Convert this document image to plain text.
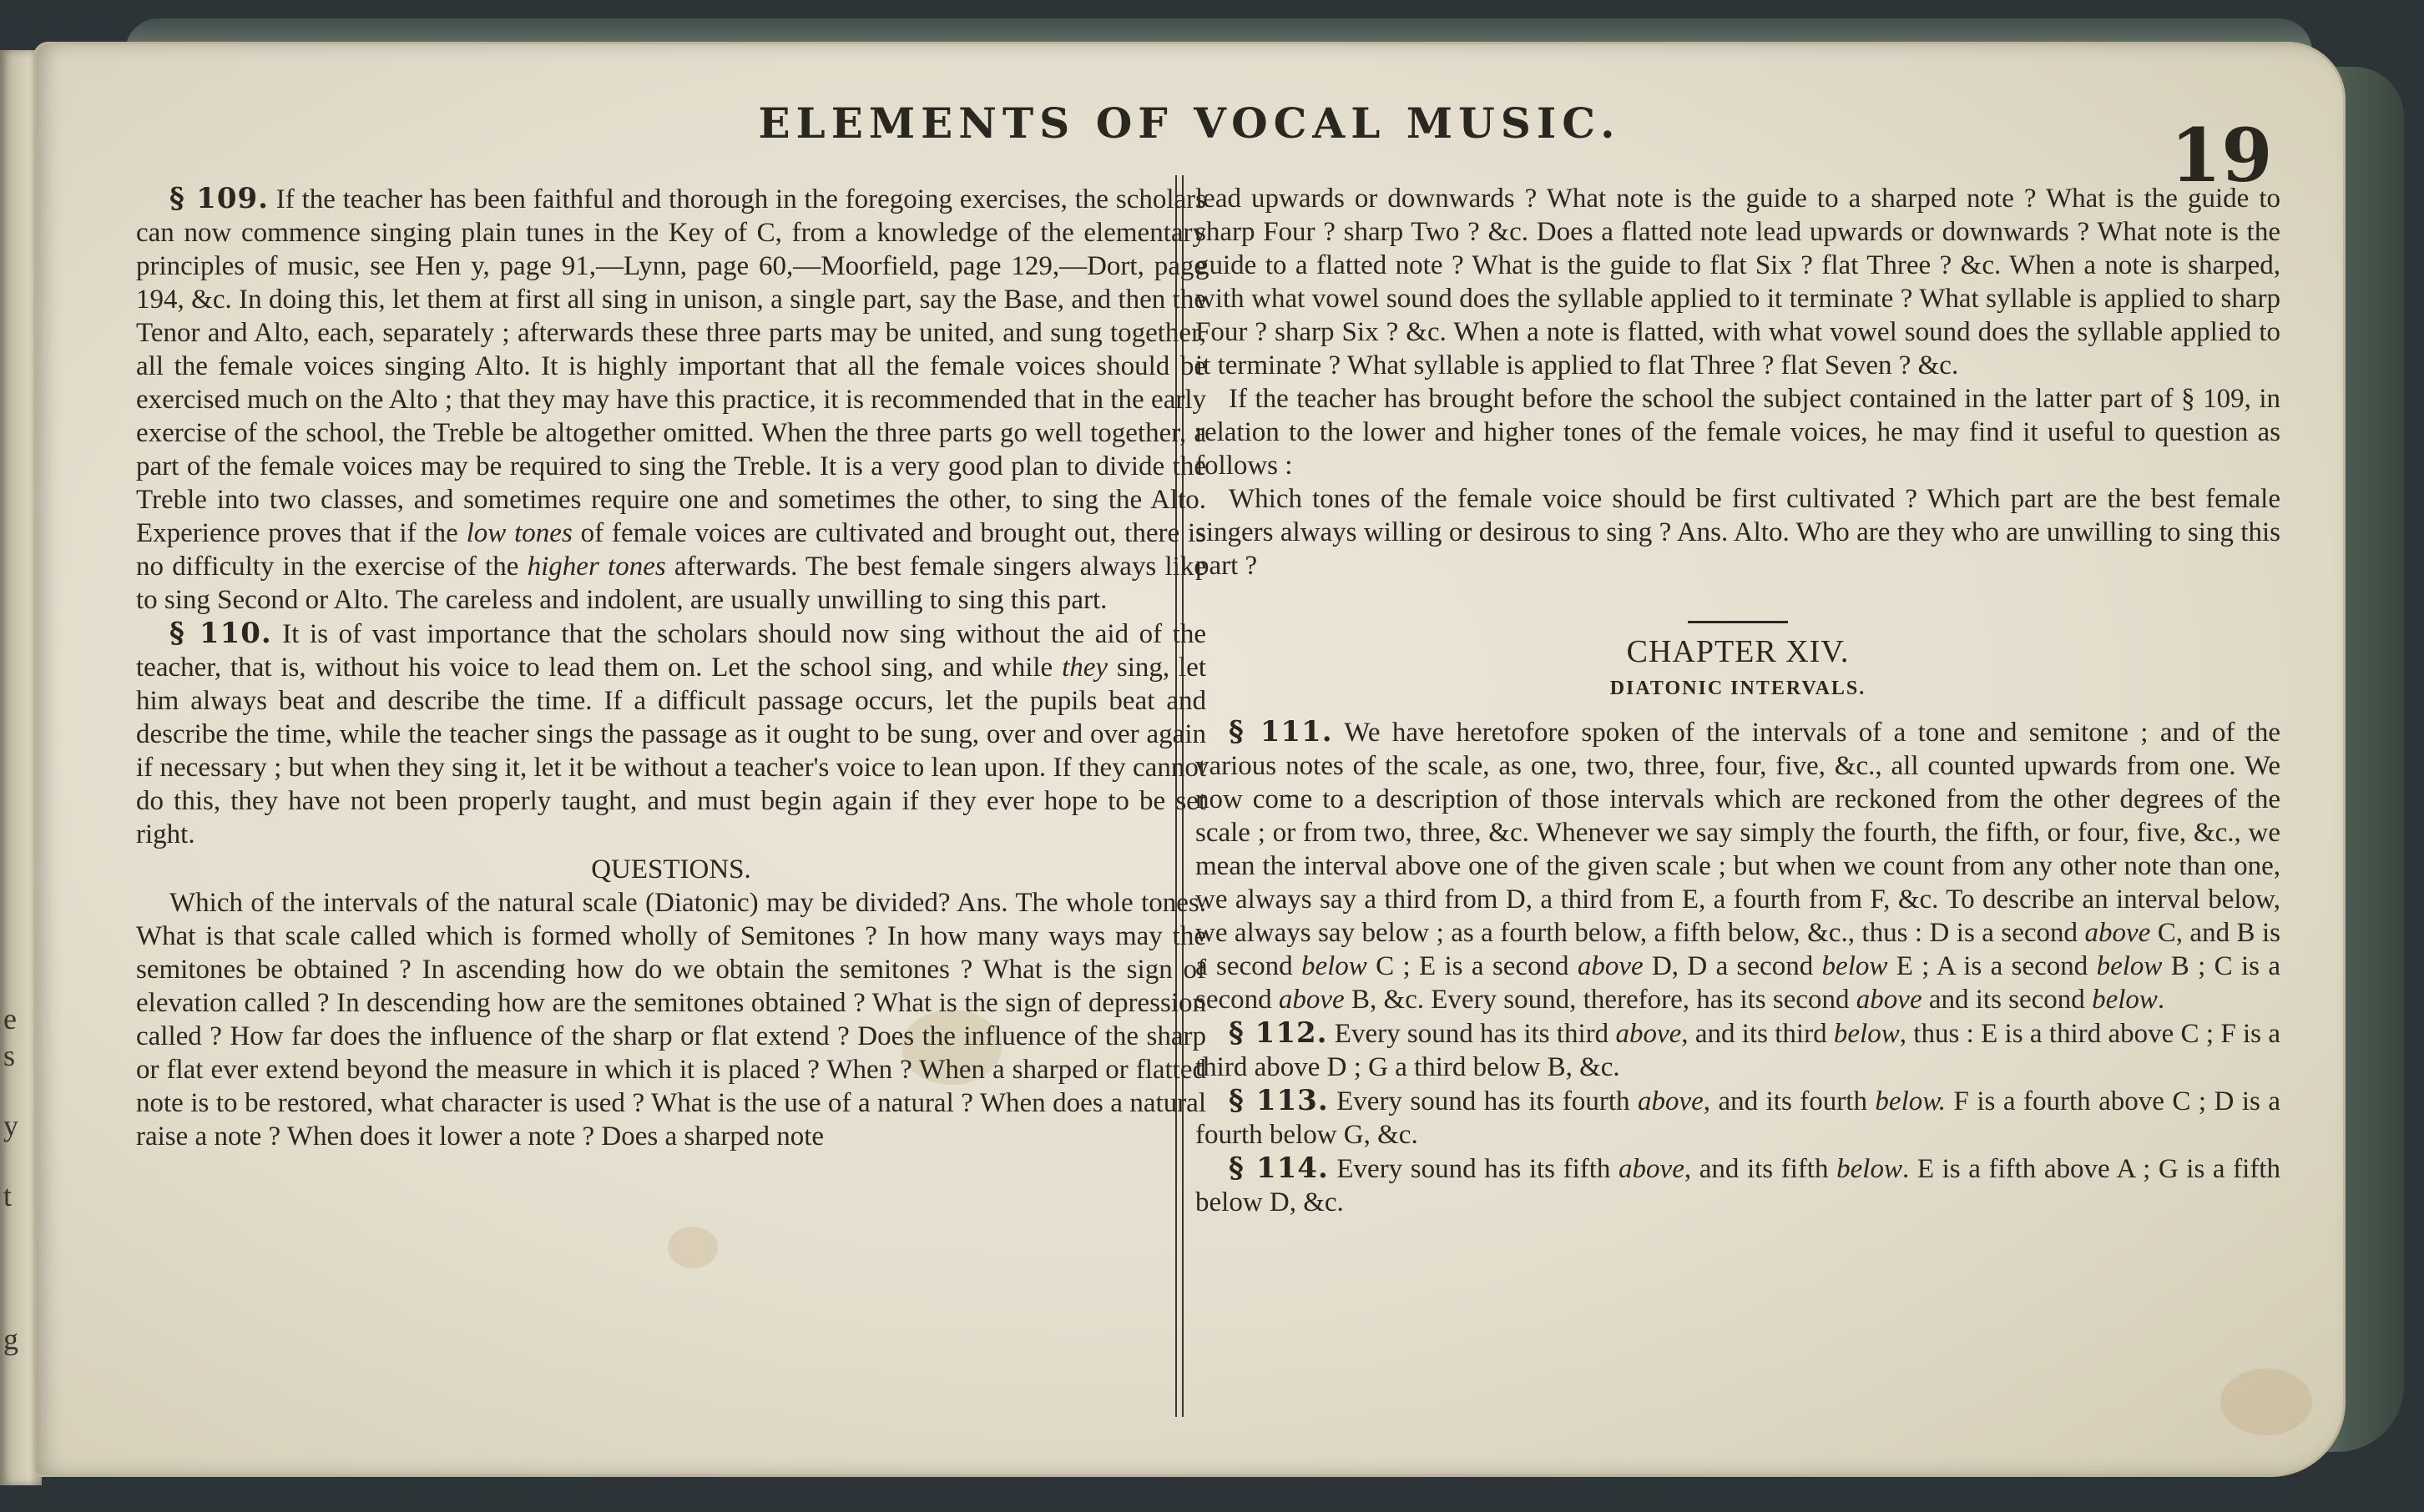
e
s
y
t
g
ELEMENTS OF VOCAL MUSIC.	19

§ 109. If the teacher has been faithful and thorough in the foregoing exercises, the scholars can now commence singing plain tunes in the Key of C, from a knowledge of the elementary principles of music, see Hen y, page 91,—Lynn, page 60,—Moorfield, page 129,—Dort, page 194, &c. In doing this, let them at first all sing in unison, a single part, say the Base, and then the Tenor and Alto, each, separately ; afterwards these three parts may be united, and sung together, all the female voices singing Alto. It is highly important that all the female voices should be exercised much on the Alto ; that they may have this practice, it is recommended that in the early exercise of the school, the Treble be altogether omitted. When the three parts go well together, a part of the female voices may be required to sing the Treble. It is a very good plan to divide the Treble into two classes, and sometimes require one and sometimes the other, to sing the Alto. Experience proves that if the low tones of female voices are cultivated and brought out, there is no difficulty in the exercise of the higher tones afterwards. The best female singers always like to sing Second or Alto. The careless and indolent, are usually unwilling to sing this part.

§ 110. It is of vast importance that the scholars should now sing without the aid of the teacher, that is, without his voice to lead them on. Let the school sing, and while they sing, let him always beat and describe the time. If a difficult passage occurs, let the pupils beat and describe the time, while the teacher sings the passage as it ought to be sung, over and over again if necessary ; but when they sing it, let it be without a teacher's voice to lean upon. If they cannot do this, they have not been properly taught, and must begin again if they ever hope to be set right.

QUESTIONS.

Which of the intervals of the natural scale (Diatonic) may be divided? Ans. The whole tones. What is that scale called which is formed wholly of Semitones ? In how many ways may the semitones be obtained ? In ascending how do we obtain the semitones ? What is the sign of elevation called ? In descending how are the semitones obtained ? What is the sign of depression called ? How far does the influence of the sharp or flat extend ? Does the influence of the sharp or flat ever extend beyond the measure in which it is placed ? When ? When a sharped or flatted note is to be restored, what character is used ? What is the use of a natural ? When does a natural raise a note ? When does it lower a note ? Does a sharped note

lead upwards or downwards ? What note is the guide to a sharped note ? What is the guide to sharp Four ? sharp Two ? &c. Does a flatted note lead upwards or downwards ? What note is the guide to a flatted note ? What is the guide to flat Six ? flat Three ? &c. When a note is sharped, with what vowel sound does the syllable applied to it terminate ? What syllable is applied to sharp Four ? sharp Six ? &c. When a note is flatted, with what vowel sound does the syllable applied to it terminate ? What syllable is applied to flat Three ? flat Seven ? &c.

If the teacher has brought before the school the subject contained in the latter part of § 109, in relation to the lower and higher tones of the female voices, he may find it useful to question as follows :

Which tones of the female voice should be first cultivated ? Which part are the best female singers always willing or desirous to sing ? Ans. Alto. Who are they who are unwilling to sing this part ?

CHAPTER XIV.
DIATONIC INTERVALS.

§ 111. We have heretofore spoken of the intervals of a tone and semitone ; and of the various notes of the scale, as one, two, three, four, five, &c., all counted upwards from one. We now come to a description of those intervals which are reckoned from the other degrees of the scale ; or from two, three, &c. Whenever we say simply the fourth, the fifth, or four, five, &c., we mean the interval above one of the given scale ; but when we count from any other note than one, we always say a third from D, a third from E, a fourth from F, &c. To describe an interval below, we always say below ; as a fourth below, a fifth below, &c., thus : D is a second above C, and B is a second below C ; E is a second above D, D a second below E ; A is a second below B ; C is a second above B, &c. Every sound, therefore, has its second above and its second below.

§ 112. Every sound has its third above, and its third below, thus : E is a third above C ; F is a third above D ; G a third below B, &c.

§ 113. Every sound has its fourth above, and its fourth below. F is a fourth above C ; D is a fourth below G, &c.

§ 114. Every sound has its fifth above, and its fifth below. E is a fifth above A ; G is a fifth below D, &c.
